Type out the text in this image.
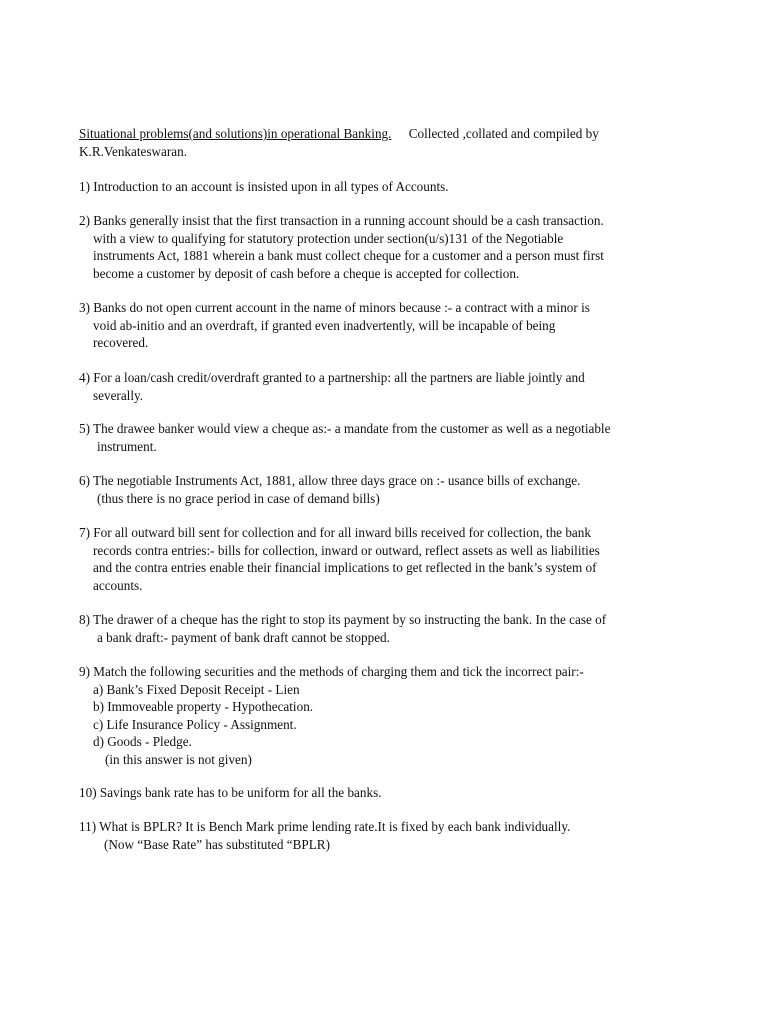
Situational problems(and solutions)in operational Banking. Collected ,collated and compiled by
K.R.Venkateswaran.
1) Introduction to an account is insisted upon in all types of Accounts.
2) Banks generally insist that the first transaction in a running account should be a cash transaction.
with a view to qualifying for statutory protection under section(u/s)131 of the Negotiable
instruments Act, 1881 wherein a bank must collect cheque for a customer and a person must first
become a customer by deposit of cash before a cheque is accepted for collection.
3) Banks do not open current account in the name of minors because :- a contract with a minor is
void ab-initio and an overdraft, if granted even inadvertently, will be incapable of being
recovered.
4) For a loan/cash credit/overdraft granted to a partnership: all the partners are liable jointly and
severally.
5) The drawee banker would view a cheque as:- a mandate from the customer as well as a negotiable
instrument.
6) The negotiable Instruments Act, 1881, allow three days grace on :- usance bills of exchange.
(thus there is no grace period in case of demand bills)
7) For all outward bill sent for collection and for all inward bills received for collection, the bank
records contra entries:- bills for collection, inward or outward, reflect assets as well as liabilities
and the contra entries enable their financial implications to get reflected in the bank’s system of
accounts.
8) The drawer of a cheque has the right to stop its payment by so instructing the bank. In the case of
a bank draft:- payment of bank draft cannot be stopped.
9) Match the following securities and the methods of charging them and tick the incorrect pair:-
a) Bank’s Fixed Deposit Receipt - Lien
b) Immoveable property - Hypothecation.
c) Life Insurance Policy - Assignment.
d) Goods - Pledge.
(in this answer is not given)
10) Savings bank rate has to be uniform for all the banks.
11) What is BPLR? It is Bench Mark prime lending rate.It is fixed by each bank individually.
(Now “Base Rate” has substituted “BPLR)
